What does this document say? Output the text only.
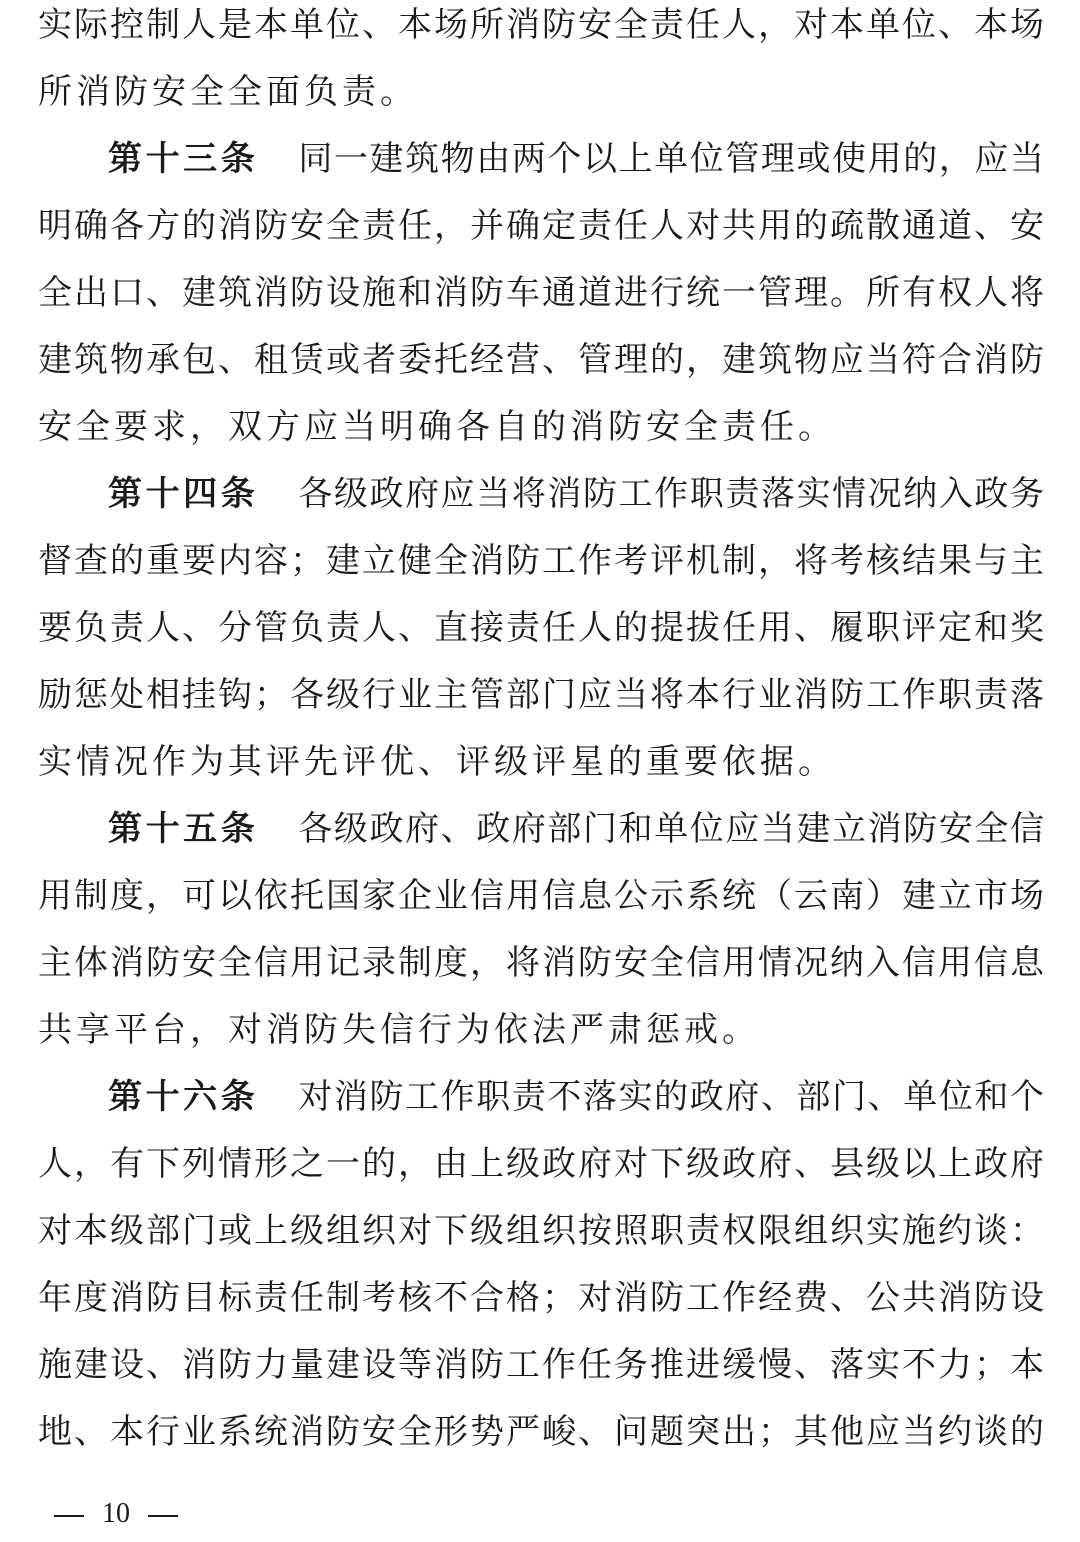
实际控制人是本单位、本场所消防安全责任人，对本单位、本场
所消防安全全面负责。
第十三条 同一建筑物由两个以上单位管理或使用的，应当
明确各方的消防安全责任，并确定责任人对共用的疏散通道、安
全出口、建筑消防设施和消防车通道进行统一管理。所有权人将
建筑物承包、租赁或者委托经营、管理的，建筑物应当符合消防
安全要求，双方应当明确各自的消防安全责任。
第十四条 各级政府应当将消防工作职责落实情况纳入政务
督查的重要内容；建立健全消防工作考评机制，将考核结果与主
要负责人、分管负责人、直接责任人的提拔任用、履职评定和奖
励惩处相挂钩；各级行业主管部门应当将本行业消防工作职责落
实情况作为其评先评优、评级评星的重要依据。
第十五条 各级政府、政府部门和单位应当建立消防安全信
用制度，可以依托国家企业信用信息公示系统（云南）建立市场
主体消防安全信用记录制度，将消防安全信用情况纳入信用信息
共享平台，对消防失信行为依法严肃惩戒。
第十六条 对消防工作职责不落实的政府、部门、单位和个
人，有下列情形之一的，由上级政府对下级政府、县级以上政府
对本级部门或上级组织对下级组织按照职责权限组织实施约谈：
年度消防目标责任制考核不合格；对消防工作经费、公共消防设
施建设、消防力量建设等消防工作任务推进缓慢、落实不力；本
地、本行业系统消防安全形势严峻、问题突出；其他应当约谈的
10
